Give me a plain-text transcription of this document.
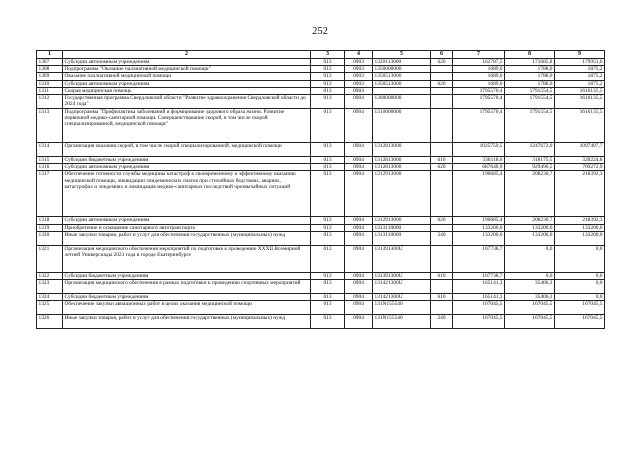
252
1	2	3	4	5	6	7	8	9
1307	Субсидии автономным учреждениям	013	0903	1320113000	620	162787,5	171685,8	179951,6
1308	Подпрограмма "Оказание паллиативной медицинской помощи"	013	0903	1350000000		1689,0	1788,0	1875,2
1309	Оказание паллиативной медицинской помощи	013	0903	1350513000		1689,0	1788,0	1875,2
1310	Субсидии автономным учреждениям	013	0903	1350513000	620	1689,0	1788,0	1875,2
1311	Скорая медицинская помощь	013	0904			1795570,4	1791554,5	1616135,5
1312	Государственная программа Свердловской области "Развитие здравоохранения Свердловской области до 2024 года"	013	0904	1300000000		1795570,4	1791554,5	1616135,5
1313	Подпрограмма "Профилактика заболеваний и формирование здорового образа жизни. Развитие первичной медико-санитарной помощи. Совершенствование скорой, в том числе скорой специализированной, медицинской помощи"	013	0904	1310000000		1795570,4	1791554,5	1616135,5
1314	Организация оказания скорой, в том числе скорой специализированной, медицинской помощи	013	0904	1312813000		1025759,5	1247672,0	1097497,7
1315	Субсидии бюджетным учреждениям	013	0904	1312813000	610	338118,6	318175,5	328224,8
1316	Субсидии автономным учреждениям	013	0904	1312813000	620	687640,9	929496,5	769272,9
1317	Обеспечение готовности службы медицины катастроф к своевременному и эффективному оказанию медицинской помощи, ликвидации эпидемических очагов при стихийных бедствиях, авариях, катастрофах и эпидемиях и ликвидация медико-санитарных последствий чрезвычайных ситуаций	013	0904	1312913000		196685,4	208230,7	218392,3
1318	Субсидии автономным учреждениям	013	0904	1312913000	620	196685,4	208230,7	218392,3
1319	Приобретение и оснащение санитарного автотранспорта	013	0904	1313110000		133200,0	133200,0	133200,0
1320	Иные закупки товаров, работ и услуг для обеспечения государственных (муниципальных) нужд	013	0904	1313110000	240	133200,0	133200,0	133200,0
1321	Организация медицинского обеспечения мероприятий по подготовке к проведению XXXII Всемирной летней Универсиады 2023 года в городе Екатеринбурге	013	0904	131391300U		107738,7	0,0	0,0
1322	Субсидии бюджетным учреждениям	013	0904	131391300U	610	107738,7	0,0	0,0
1323	Организация медицинского обеспечения в рамках подготовки к проведению спортивных мероприятий	013	0904	131421300U		165141,3	35406,3	0,0
1324	Субсидии бюджетным учреждениям	013	0904	131421300U	610	165141,3	35406,3	0,0
1325	Обеспечение закупки авиационных работ в целях оказания медицинской помощи	013	0904	131N155540		167045,5	167045,5	167045,5
1326	Иные закупки товаров, работ и услуг для обеспечения государственных (муниципальных) нужд	013	0904	131N155540	240	167045,5	167045,5	167045,5
